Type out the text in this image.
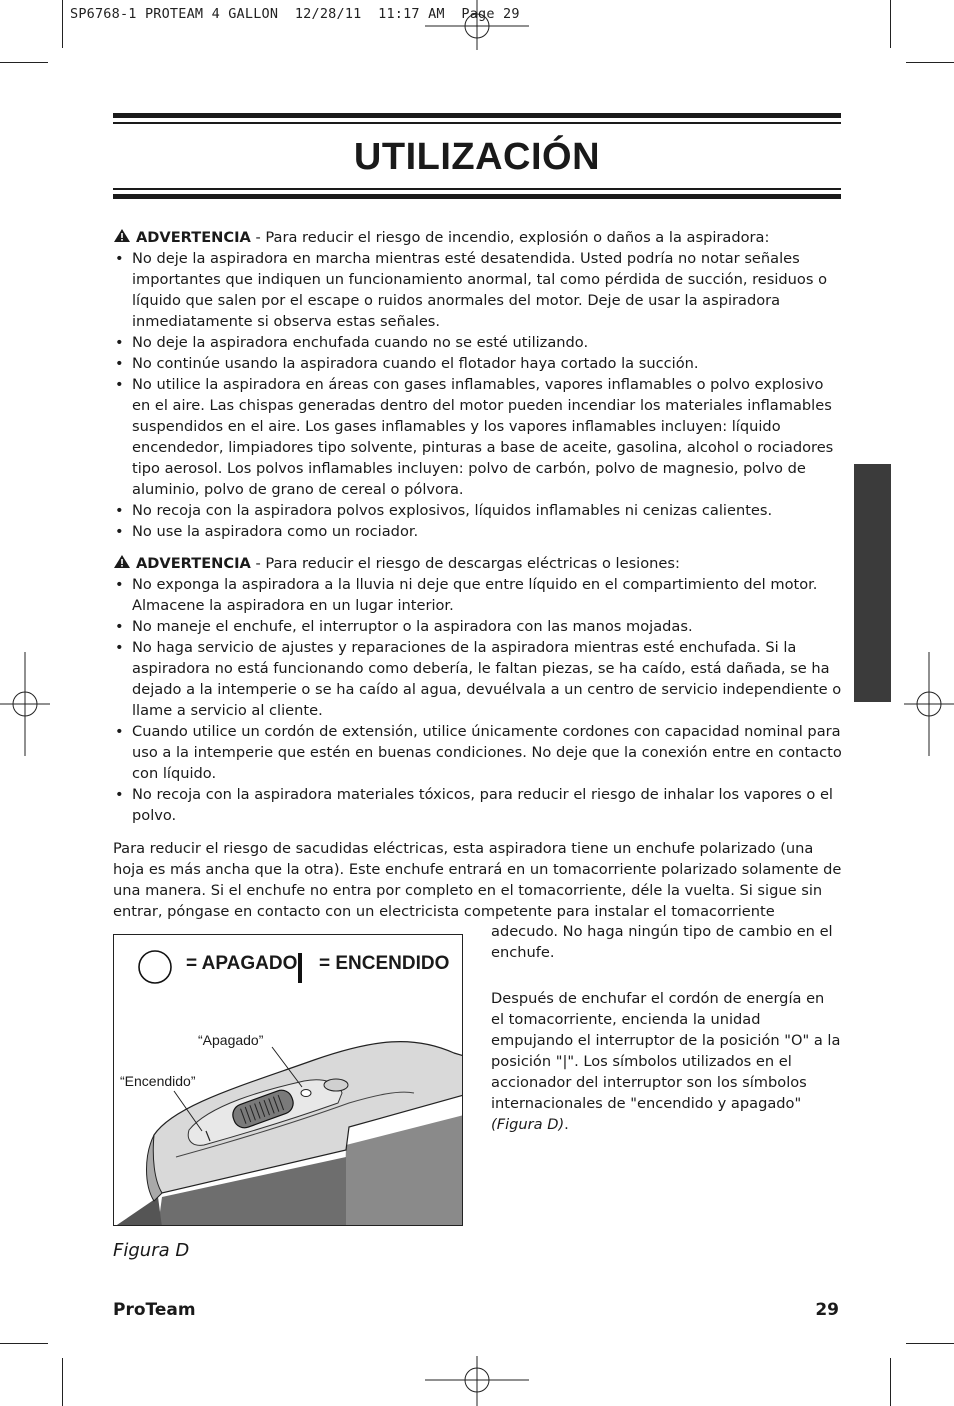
SP6768-1 PROTEAM 4 GALLON  12/28/11  11:17 AM  Page 29
UTILIZACIÓN
ADVERTENCIA - Para reducir el riesgo de incendio, explosión o daños a la aspiradora:
• No deje la aspiradora en marcha mientras esté desatendida. Usted podría no notar señales importantes que indiquen un funcionamiento anormal, tal como pérdida de succión, residuos o líquido que salen por el escape o ruidos anormales del motor. Deje de usar la aspiradora inmediatamente si observa estas señales.
• No deje la aspiradora enchufada cuando no se esté utilizando.
• No continúe usando la aspiradora cuando el flotador haya cortado la succión.
• No utilice la aspiradora en áreas con gases inflamables, vapores inflamables o polvo explosivo en el aire. Las chispas generadas dentro del motor pueden incendiar los materiales inflamables suspendidos en el aire. Los gases inflamables y los vapores inflamables incluyen: líquido encendedor, limpiadores tipo solvente, pinturas a base de aceite, gasolina, alcohol o rociadores tipo aerosol. Los polvos inflamables incluyen: polvo de carbón, polvo de magnesio, polvo de aluminio, polvo de grano de cereal o pólvora.
• No recoja con la aspiradora polvos explosivos, líquidos inflamables ni cenizas calientes.
• No use la aspiradora como un rociador.
ADVERTENCIA - Para reducir el riesgo de descargas eléctricas o lesiones:
• No exponga la aspiradora a la lluvia ni deje que entre líquido en el compartimiento del motor. Almacene la aspiradora en un lugar interior.
• No maneje el enchufe, el interruptor o la aspiradora con las manos mojadas.
• No haga servicio de ajustes y reparaciones de la aspiradora mientras esté enchufada. Si la aspiradora no está funcionando como debería, le faltan piezas, se ha caído, está dañada, se ha dejado a la intemperie o se ha caído al agua, devuélvala a un centro de servicio independiente o llame a servicio al cliente.
• Cuando utilice un cordón de extensión, utilice únicamente cordones con capacidad nominal para uso a la intemperie que estén en buenas condiciones. No deje que la conexión entre en contacto con líquido.
• No recoja con la aspiradora materiales tóxicos, para reducir el riesgo de inhalar los vapores o el polvo.
Para reducir el riesgo de sacudidas eléctricas, esta aspiradora tiene un enchufe polarizado (una hoja es más ancha que la otra). Este enchufe entrará en un tomacorriente polarizado solamente de una manera. Si el enchufe no entra por completo en el tomacorriente, déle la vuelta. Si sigue sin entrar, póngase en contacto con un electricista competente para instalar el tomacorriente
adecudo. No haga ningún tipo de cambio en el enchufe.
Después de enchufar el cordón de energía en el tomacorriente, encienda la unidad empujando el interruptor de la posición "O" a la posición "|". Los símbolos utilizados en el accionador del interruptor son los símbolos internacionales de "encendido y apagado" (Figura D).
= APAGADO = ENCENDIDO
“Apagado”
“Encendido”
Figura D
ProTeam	29
